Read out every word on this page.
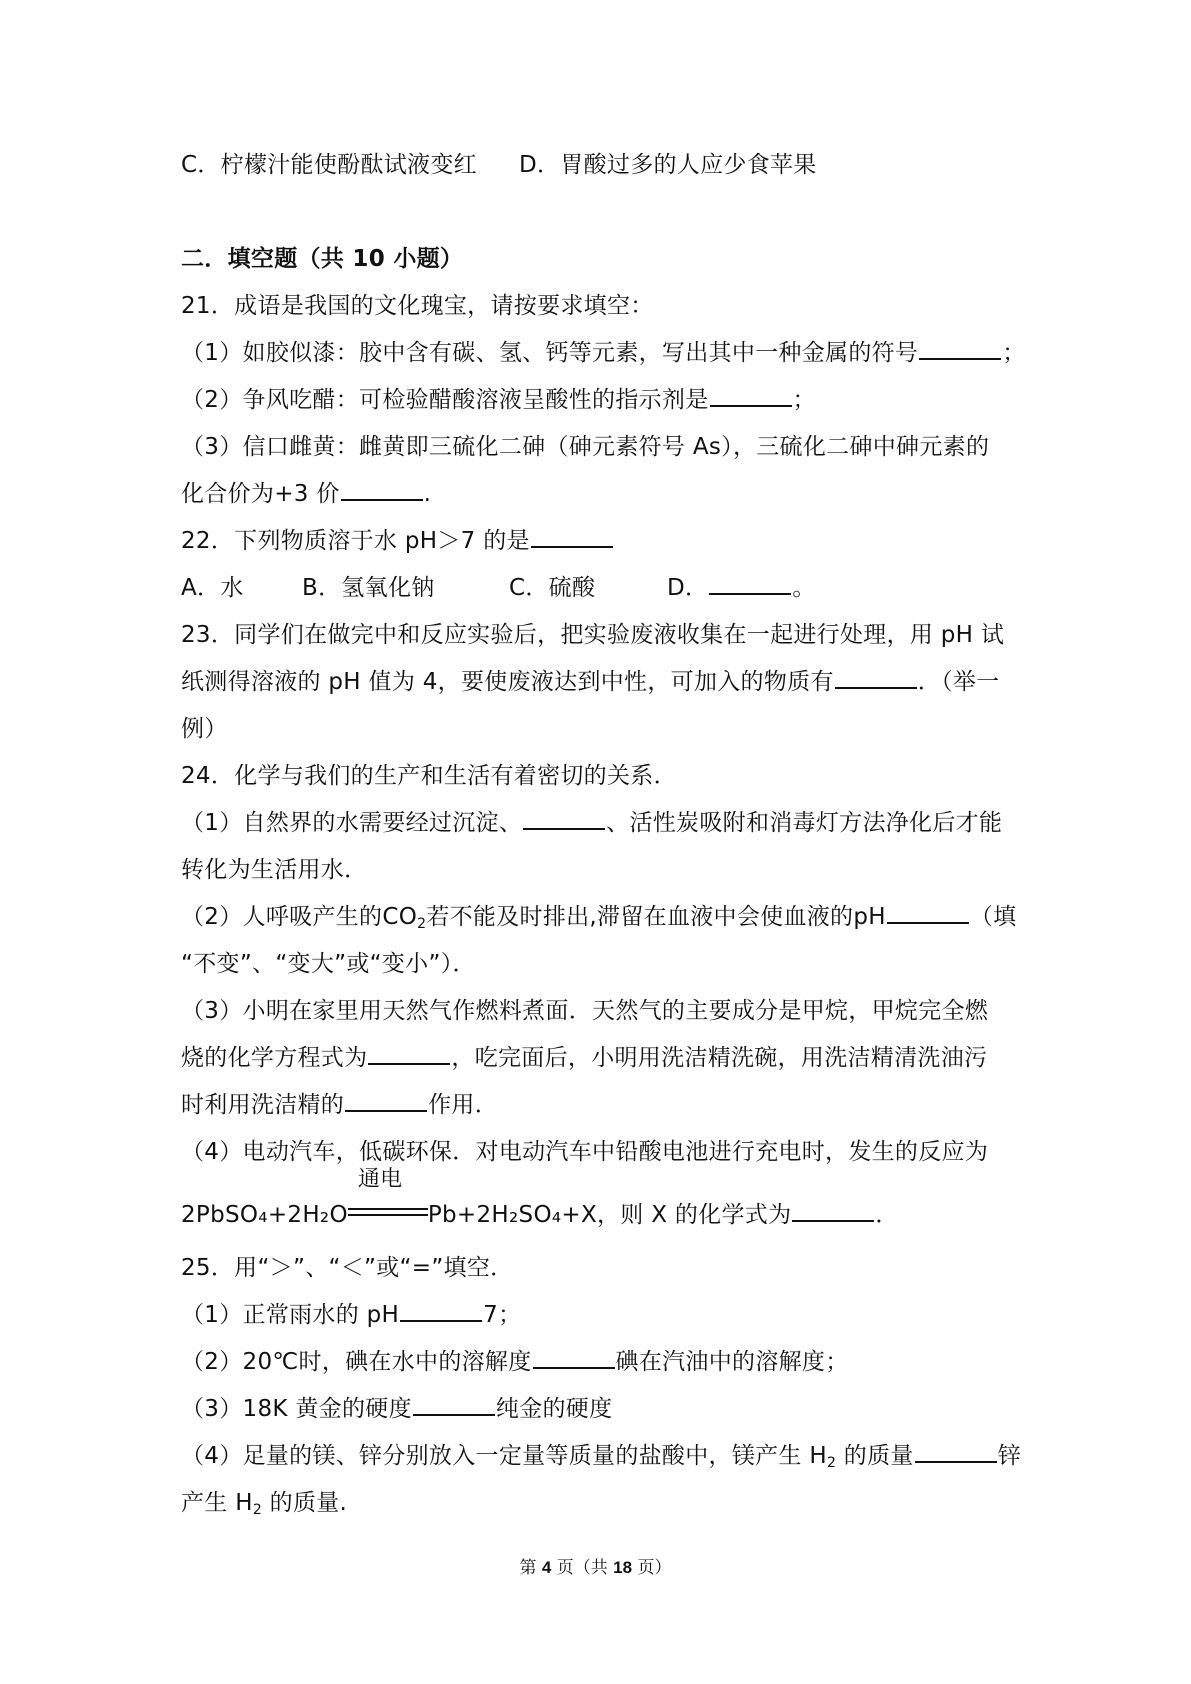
C．柠檬汁能使酚酞试液变红 D．胃酸过多的人应少食苹果
二．填空题（共 10 小题）
21．成语是我国的文化瑰宝，请按要求填空：
（1）如胶似漆：胶中含有碳、氢、钙等元素，写出其中一种金属的符号	；
（2）争风吃醋：可检验醋酸溶液呈酸性的指示剂是	；
（3）信口雌黄：雌黄即三硫化二砷（砷元素符号 As），三硫化二砷中砷元素的
化合价为+3 价	.
22．下列物质溶于水 pH＞7 的是
A．水	B．氢氧化钠	C．硫酸	D．	。
23．同学们在做完中和反应实验后，把实验废液收集在一起进行处理，用 pH 试
纸测得溶液的 pH 值为 4，要使废液达到中性，可加入的物质有	．（举一
例）
24．化学与我们的生产和生活有着密切的关系．
（1）自然界的水需要经过沉淀、	、活性炭吸附和消毒灯方法净化后才能
转化为生活用水．
（2）人呼吸产生的$CO_2$若不能及时排出,滞留在血液中会使血液的pH	（填
“不变”、“变大”或“变小”）．
（3）小明在家里用天然气作燃料煮面．天然气的主要成分是甲烷，甲烷完全燃
烧的化学方程式为	，吃完面后，小明用洗洁精洗碗，用洗洁精清洗油污
时利用洗洁精的	作用．
（4）电动汽车，低碳环保．对电动汽车中铅酸电池进行充电时，发生的反应为
2PbSO₄+2H₂O
通电
Pb+2H₂SO₄+X，则 X 的化学式为	．
25．用“＞”、“＜”或“=”填空．
（1）正常雨水的 pH	7；
（2）20℃时，碘在水中的溶解度	碘在汽油中的溶解度；
（3）18K 黄金的硬度	纯金的硬度
（4）足量的镁、锌分别放入一定量等质量的盐酸中，镁产生 $H_2$ 的质量	锌
产生 $H_2$ 的质量.
第 4 页（共 18 页）
